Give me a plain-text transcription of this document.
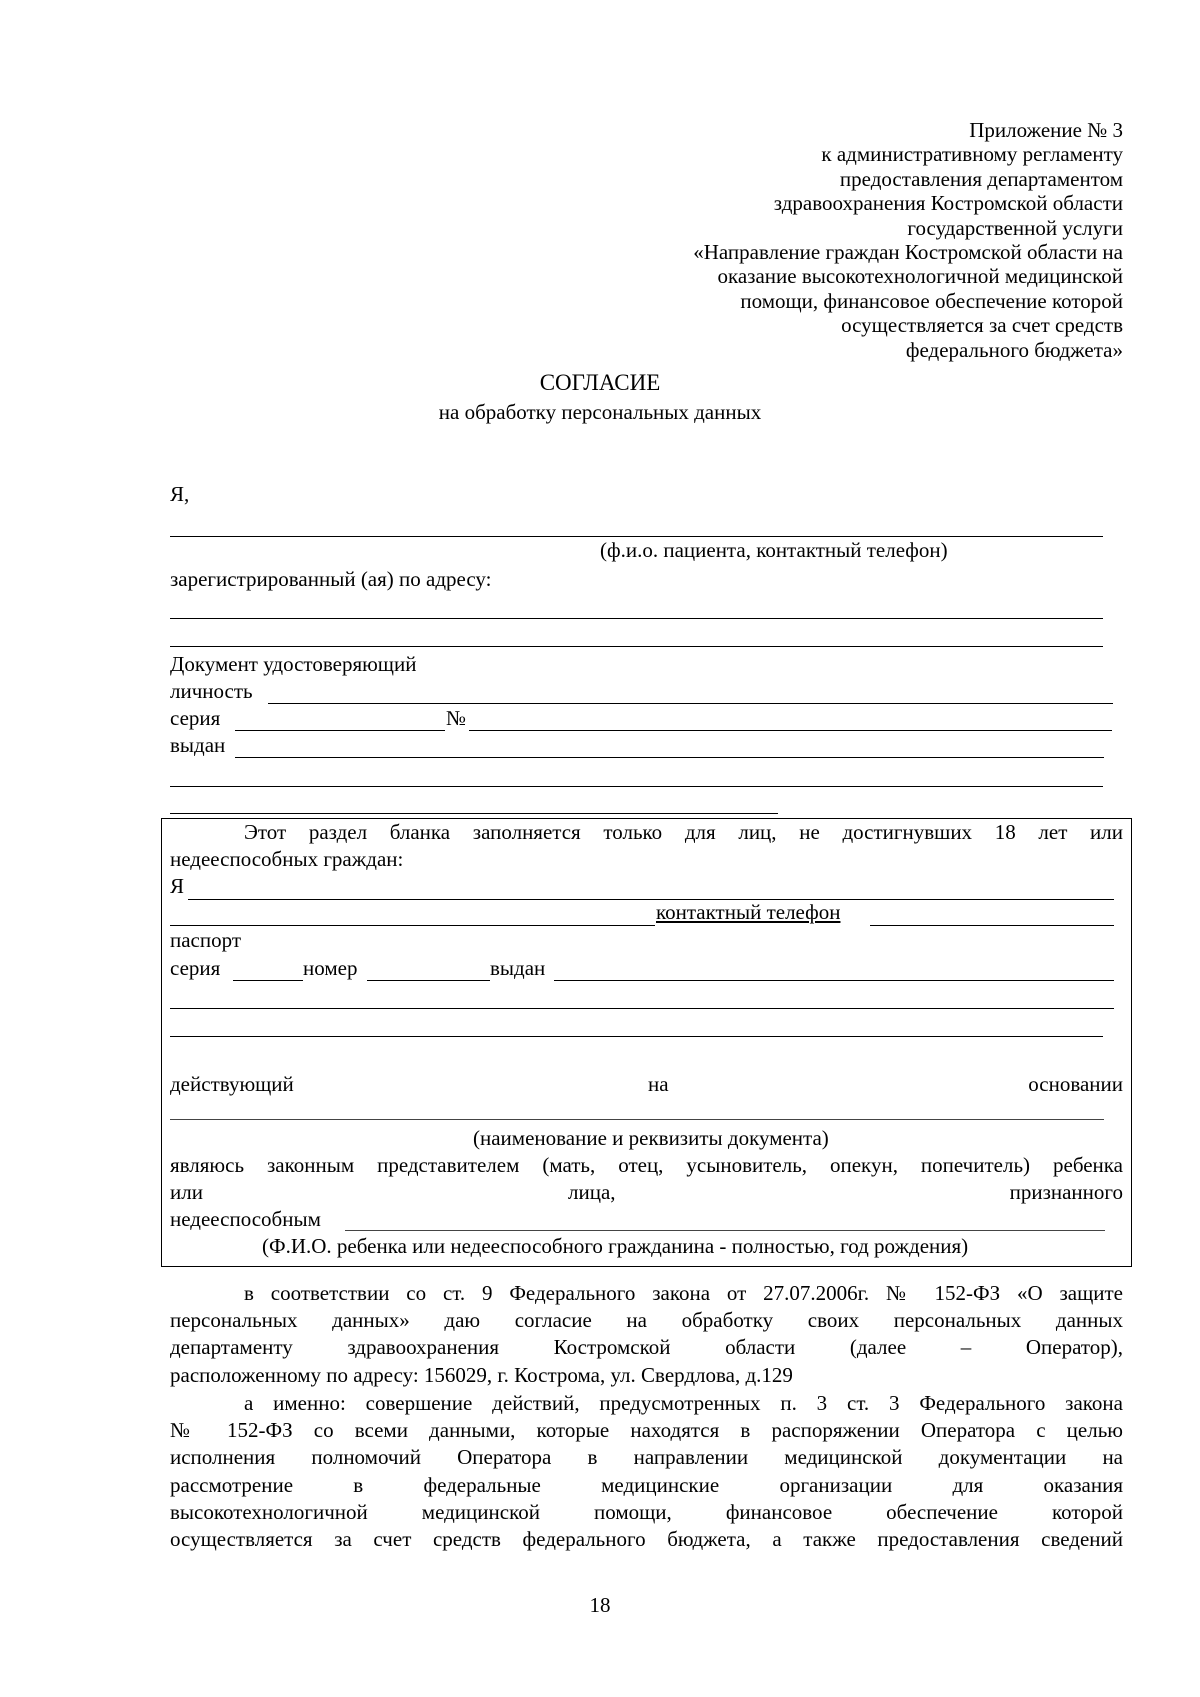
Приложение № 3
к административному регламенту
предоставления департаментом
здравоохранения Костромской области
государственной услуги
«Направление граждан Костромской области на
оказание высокотехнологичной медицинской
помощи, финансовое обеспечение которой
осуществляется за счет средств
федерального бюджета»
СОГЛАСИЕ
на обработку персональных данных
Я,
(ф.и.о. пациента, контактный телефон)
зарегистрированный (ая) по адресу:
Документ удостоверяющий
личность
серия	№
выдан
Этот раздел бланка заполняется только для лиц, не достигнувших 18 лет или
недееспособных граждан:
Я
контактный телефон
паспорт
серия	номер	выдан
действующий	на	основании
(наименование и реквизиты документа)
являюсь законным представителем (мать, отец, усыновитель, опекун, попечитель) ребенка
или	лица,	признанного
недееспособным
(Ф.И.О. ребенка или недееспособного гражданина - полностью, год рождения)
в соответствии со ст. 9 Федерального закона от 27.07.2006г. № 152-ФЗ «О защите
персональных данных» даю согласие на обработку своих персональных данных
департаменту здравоохранения Костромской области (далее – Оператор),
расположенному по адресу: 156029, г. Кострома, ул. Свердлова, д.129
а именно: совершение действий, предусмотренных п. 3 ст. 3 Федерального закона
№ 152-ФЗ со всеми данными, которые находятся в распоряжении Оператора с целью
исполнения полномочий Оператора в направлении медицинской документации на
рассмотрение в федеральные медицинские организации для оказания
высокотехнологичной медицинской помощи, финансовое обеспечение которой
осуществляется за счет средств федерального бюджета, а также предоставления сведений
18
